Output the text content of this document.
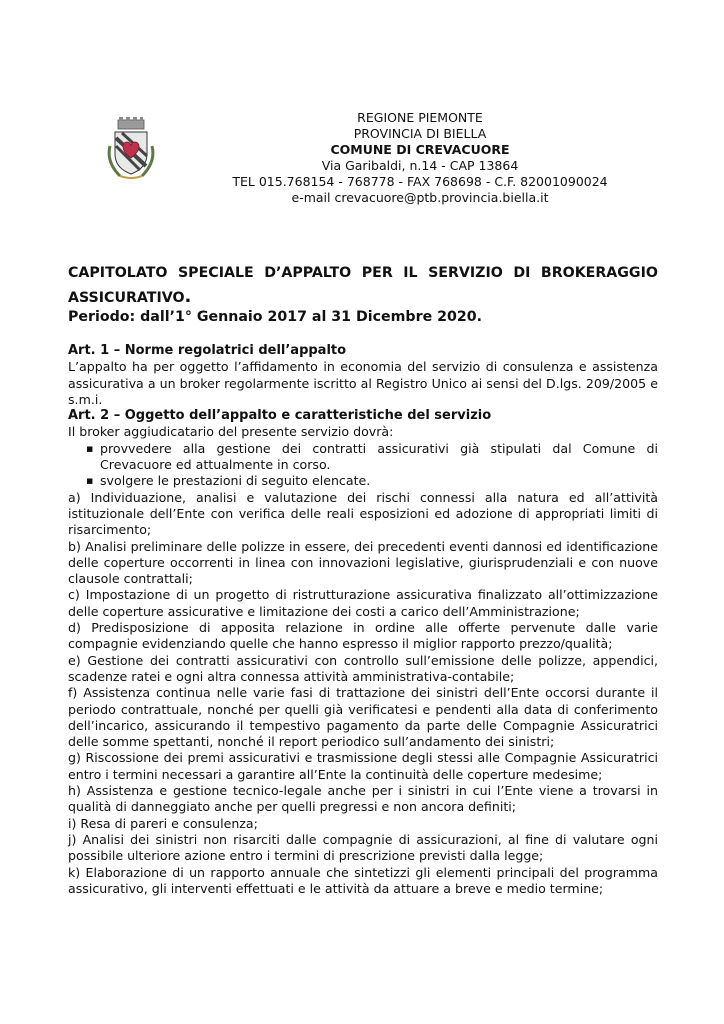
REGIONE PIEMONTE
PROVINCIA DI BIELLA
COMUNE DI CREVACUORE
Via Garibaldi, n.14 - CAP 13864
TEL 015.768154 - 768778 - FAX 768698 - C.F. 82001090024
e-mail crevacuore@ptb.provincia.biella.it
CAPITOLATO SPECIALE D’APPALTO PER IL SERVIZIO DI BROKERAGGIO
ASSICURATIVO.
Periodo: dall’1° Gennaio 2017 al 31 Dicembre 2020.

Art. 1 – Norme regolatrici dell’appalto

L’appalto ha per oggetto l’affidamento in economia del servizio di consulenza e assistenza assicurativa a un broker regolarmente iscritto al Registro Unico ai sensi del D.lgs. 209/2005 e s.m.i.

Art. 2 – Oggetto dell’appalto e caratteristiche del servizio

Il broker aggiudicatario del presente servizio dovrà:

▪ provvedere alla gestione dei contratti assicurativi già stipulati dal Comune di Crevacuore ed attualmente in corso.
▪ svolgere le prestazioni di seguito elencate.

a) Individuazione, analisi e valutazione dei rischi connessi alla natura ed all’attività istituzionale dell’Ente con verifica delle reali esposizioni ed adozione di appropriati limiti di risarcimento;

b) Analisi preliminare delle polizze in essere, dei precedenti eventi dannosi ed identificazione delle coperture occorrenti in linea con innovazioni legislative, giurisprudenziali e con nuove clausole contrattali;

c) Impostazione di un progetto di ristrutturazione assicurativa finalizzato all’ottimizzazione delle coperture assicurative e limitazione dei costi a carico dell’Amministrazione;

d) Predisposizione di apposita relazione in ordine alle offerte pervenute dalle varie compagnie evidenziando quelle che hanno espresso il miglior rapporto prezzo/qualità;

e) Gestione dei contratti assicurativi con controllo sull’emissione delle polizze, appendici, scadenze ratei e ogni altra connessa attività amministrativa-contabile;

f) Assistenza continua nelle varie fasi di trattazione dei sinistri dell’Ente occorsi durante il periodo contrattuale, nonché per quelli già verificatesi e pendenti alla data di conferimento dell’incarico, assicurando il tempestivo pagamento da parte delle Compagnie Assicuratrici delle somme spettanti, nonché il report periodico sull’andamento dei sinistri;

g) Riscossione dei premi assicurativi e trasmissione degli stessi alle Compagnie Assicuratrici entro i termini necessari a garantire all’Ente la continuità delle coperture medesime;

h) Assistenza e gestione tecnico-legale anche per i sinistri in cui l’Ente viene a trovarsi in qualità di danneggiato anche per quelli pregressi e non ancora definiti;

i) Resa di pareri e consulenza;

j) Analisi dei sinistri non risarciti dalle compagnie di assicurazioni, al fine di valutare ogni possibile ulteriore azione entro i termini di prescrizione previsti dalla legge;

k) Elaborazione di un rapporto annuale che sintetizzi gli elementi principali del programma assicurativo, gli interventi effettuati e le attività da attuare a breve e medio termine;
